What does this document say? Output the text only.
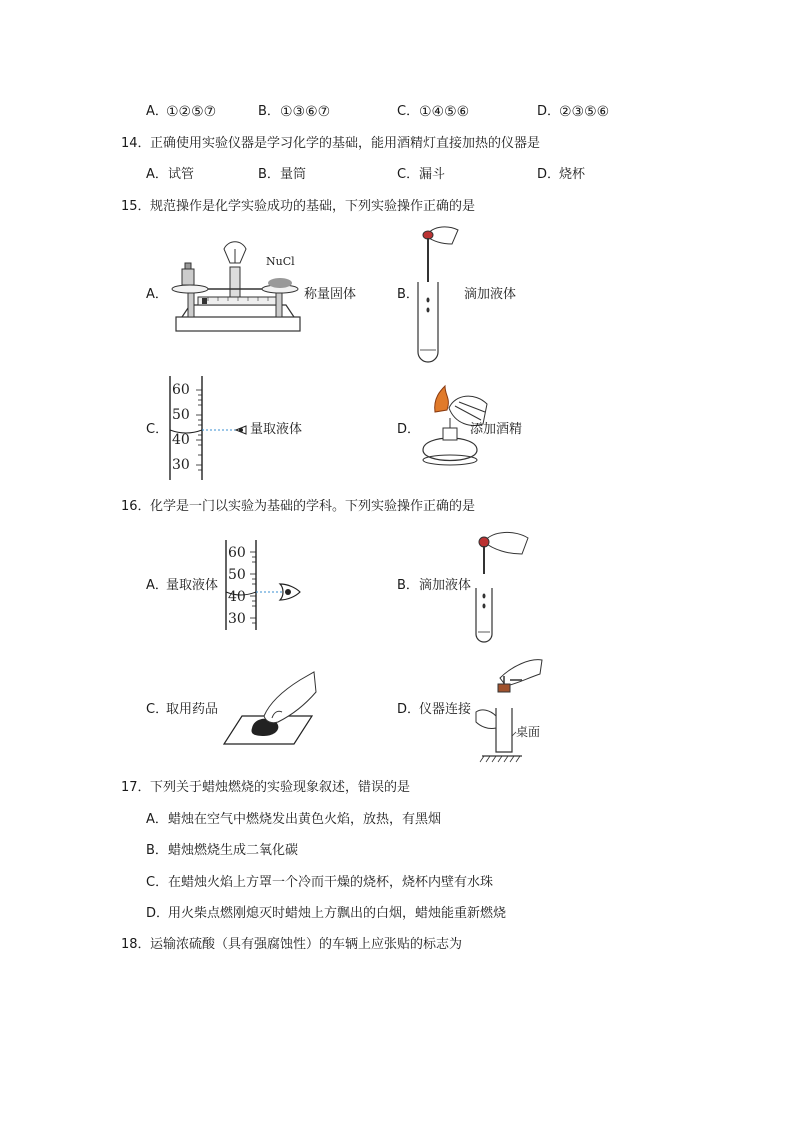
A．
①②⑤⑦	B． ①③⑥⑦	C． ①④⑤⑥	D．
②③⑤⑥
14． 正确使用实验仪器是学习化学的基础，能用酒精灯直接加热的仪器是
A． 试管	B． 量筒	C． 漏斗	D．
烧杯
15． 规范操作是化学实验成功的基础，下列实验操作正确的是
A．
NuCl
称量固体	B．	滴加液体
C．
60
50
40
30
量取液体	D．	添加酒精
16． 化学是一门以实验为基础的学科。下列实验操作正确的是
A．
量取液体
60
50
40
30
B． 滴加液体
C．
取用药品	D．
仪器连接
桌面
17． 下列关于蜡烛燃烧的实验现象叙述，错误的是
A． 蜡烛在空气中燃烧发出黄色火焰，放热，有黑烟
B． 蜡烛燃烧生成二氧化碳
C． 在蜡烛火焰上方罩一个冷而干燥的烧杯，烧杯内壁有水珠
D．
用火柴点燃刚熄灭时蜡烛上方飘出的白烟，蜡烛能重新燃烧
18． 运输浓硫酸（具有强腐蚀性）的车辆上应张贴的标志为
